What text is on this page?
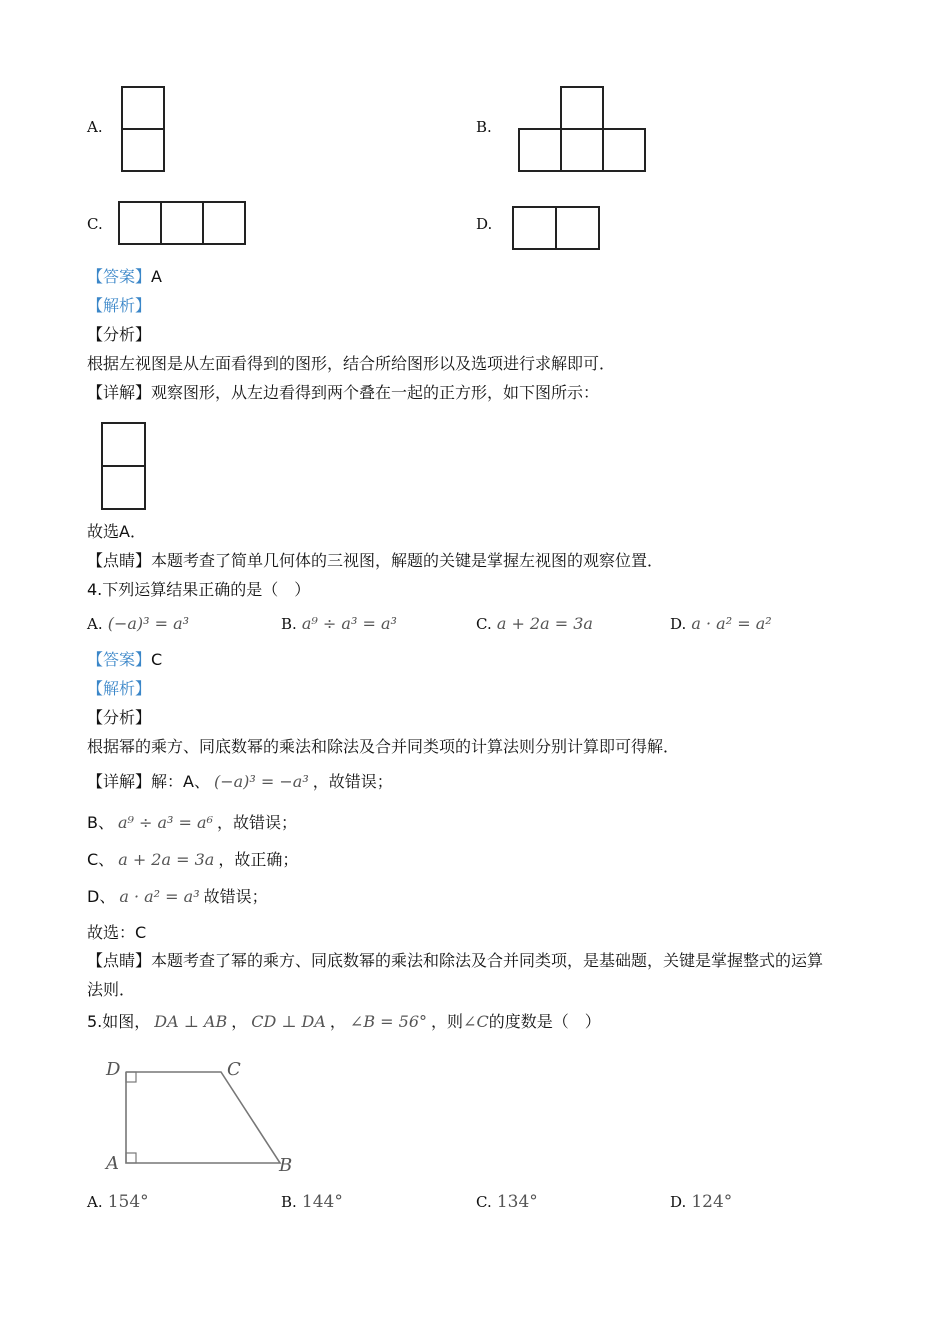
A.	B.
C.	D.
【答案】A
【解析】
【分析】
根据左视图是从左面看得到的图形，结合所给图形以及选项进行求解即可．
【详解】观察图形，从左边看得到两个叠在一起的正方形，如下图所示：
故选A．
【点睛】本题考查了简单几何体的三视图，解题的关键是掌握左视图的观察位置．
4.下列运算结果正确的是（　）
A. (−a)³ = a³	B. a⁹ ÷ a³ = a³	C. a + 2a = 3a	D. a · a² = a²
【答案】C
【解析】
【分析】
根据幂的乘方、同底数幂的乘法和除法及合并同类项的计算法则分别计算即可得解．
【详解】解：A、 (−a)³ = −a³ ，故错误；
B、 a⁹ ÷ a³ = a⁶ ，故错误；
C、 a + 2a = 3a ，故正确；
D、 a · a² = a³ 故错误；
故选：C
【点睛】本题考查了幂的乘方、同底数幂的乘法和除法及合并同类项，是基础题，关键是掌握整式的运算
法则．
5.如图， DA ⊥ AB ， CD ⊥ DA ， ∠B = 56° ，则∠C的度数是（　）
D	C
A	B
A. 154°	B. 144°	C. 134°	D. 124°
